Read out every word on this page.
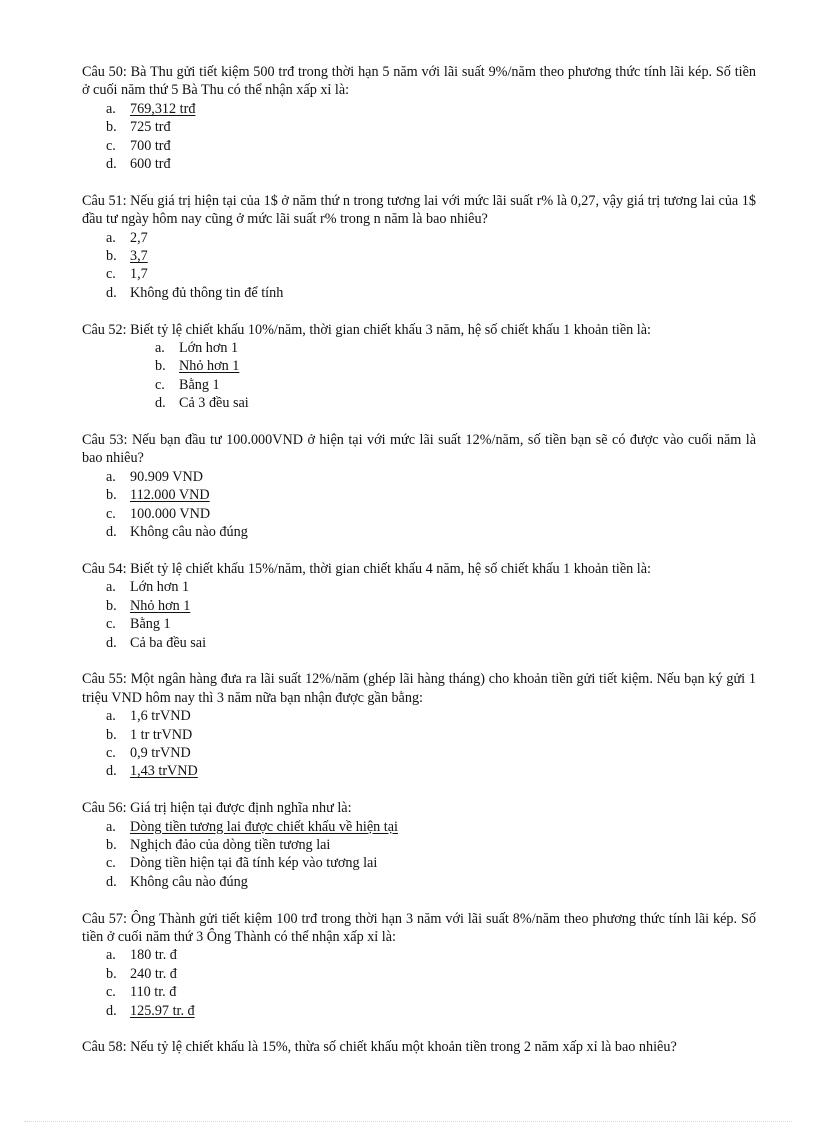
Câu 50: Bà Thu gửi tiết kiệm 500 trđ trong thời hạn 5 năm với lãi suất 9%/năm theo phương thức tính lãi kép. Số tiền ở cuối năm thứ 5 Bà Thu có thể nhận xấp xỉ là:
a. 769,312 trđ
b. 725 trđ
c. 700 trđ
d. 600 trđ
Câu 51: Nếu giá trị hiện tại của 1$ ở năm thứ n trong tương lai với mức lãi suất r% là 0,27, vậy giá trị tương lai của 1$ đầu tư ngày hôm nay cũng ở mức lãi suất r% trong n năm là bao nhiêu?
a. 2,7
b. 3,7
c. 1,7
d. Không đủ thông tin để tính
Câu 52: Biết tỷ lệ chiết khấu 10%/năm, thời gian chiết khấu 3 năm, hệ số chiết khấu 1 khoản tiền là:
a. Lớn hơn 1
b. Nhỏ hơn 1
c. Bằng 1
d. Cả 3 đều sai
Câu 53: Nếu bạn đầu tư 100.000VND ở hiện tại với mức lãi suất 12%/năm, số tiền bạn sẽ có được vào cuối năm là bao nhiêu?
a. 90.909 VND
b. 112.000 VND
c. 100.000 VND
d. Không câu nào đúng
Câu 54: Biết tỷ lệ chiết khấu 15%/năm, thời gian chiết khấu 4 năm, hệ số chiết khấu 1 khoản tiền là:
a. Lớn hơn 1
b. Nhỏ hơn 1
c. Bằng 1
d. Cả ba đều sai
Câu 55: Một ngân hàng đưa ra lãi suất 12%/năm (ghép lãi hàng tháng) cho khoản tiền gửi tiết kiệm. Nếu bạn ký gửi 1 triệu VND hôm nay thì 3 năm nữa bạn nhận được gần bằng:
a. 1,6 trVND
b. 1 tr trVND
c. 0,9 trVND
d. 1,43 trVND
Câu 56: Giá trị hiện tại được định nghĩa như là:
a. Dòng tiền tương lai được chiết khấu về hiện tại
b. Nghịch đảo của dòng tiền tương lai
c. Dòng tiền hiện tại đã tính kép vào tương lai
d. Không câu nào đúng
Câu 57: Ông Thành gửi tiết kiệm 100 trđ trong thời hạn 3 năm với lãi suất 8%/năm theo phương thức tính lãi kép. Số tiền ở cuối năm thứ 3 Ông Thành có thể nhận xấp xỉ là:
a. 180 tr. đ
b. 240 tr. đ
c. 110 tr. đ
d. 125.97 tr. đ
Câu 58: Nếu tỷ lệ chiết khấu là 15%, thừa số chiết khấu một khoản tiền trong 2 năm xấp xỉ là bao nhiêu?
